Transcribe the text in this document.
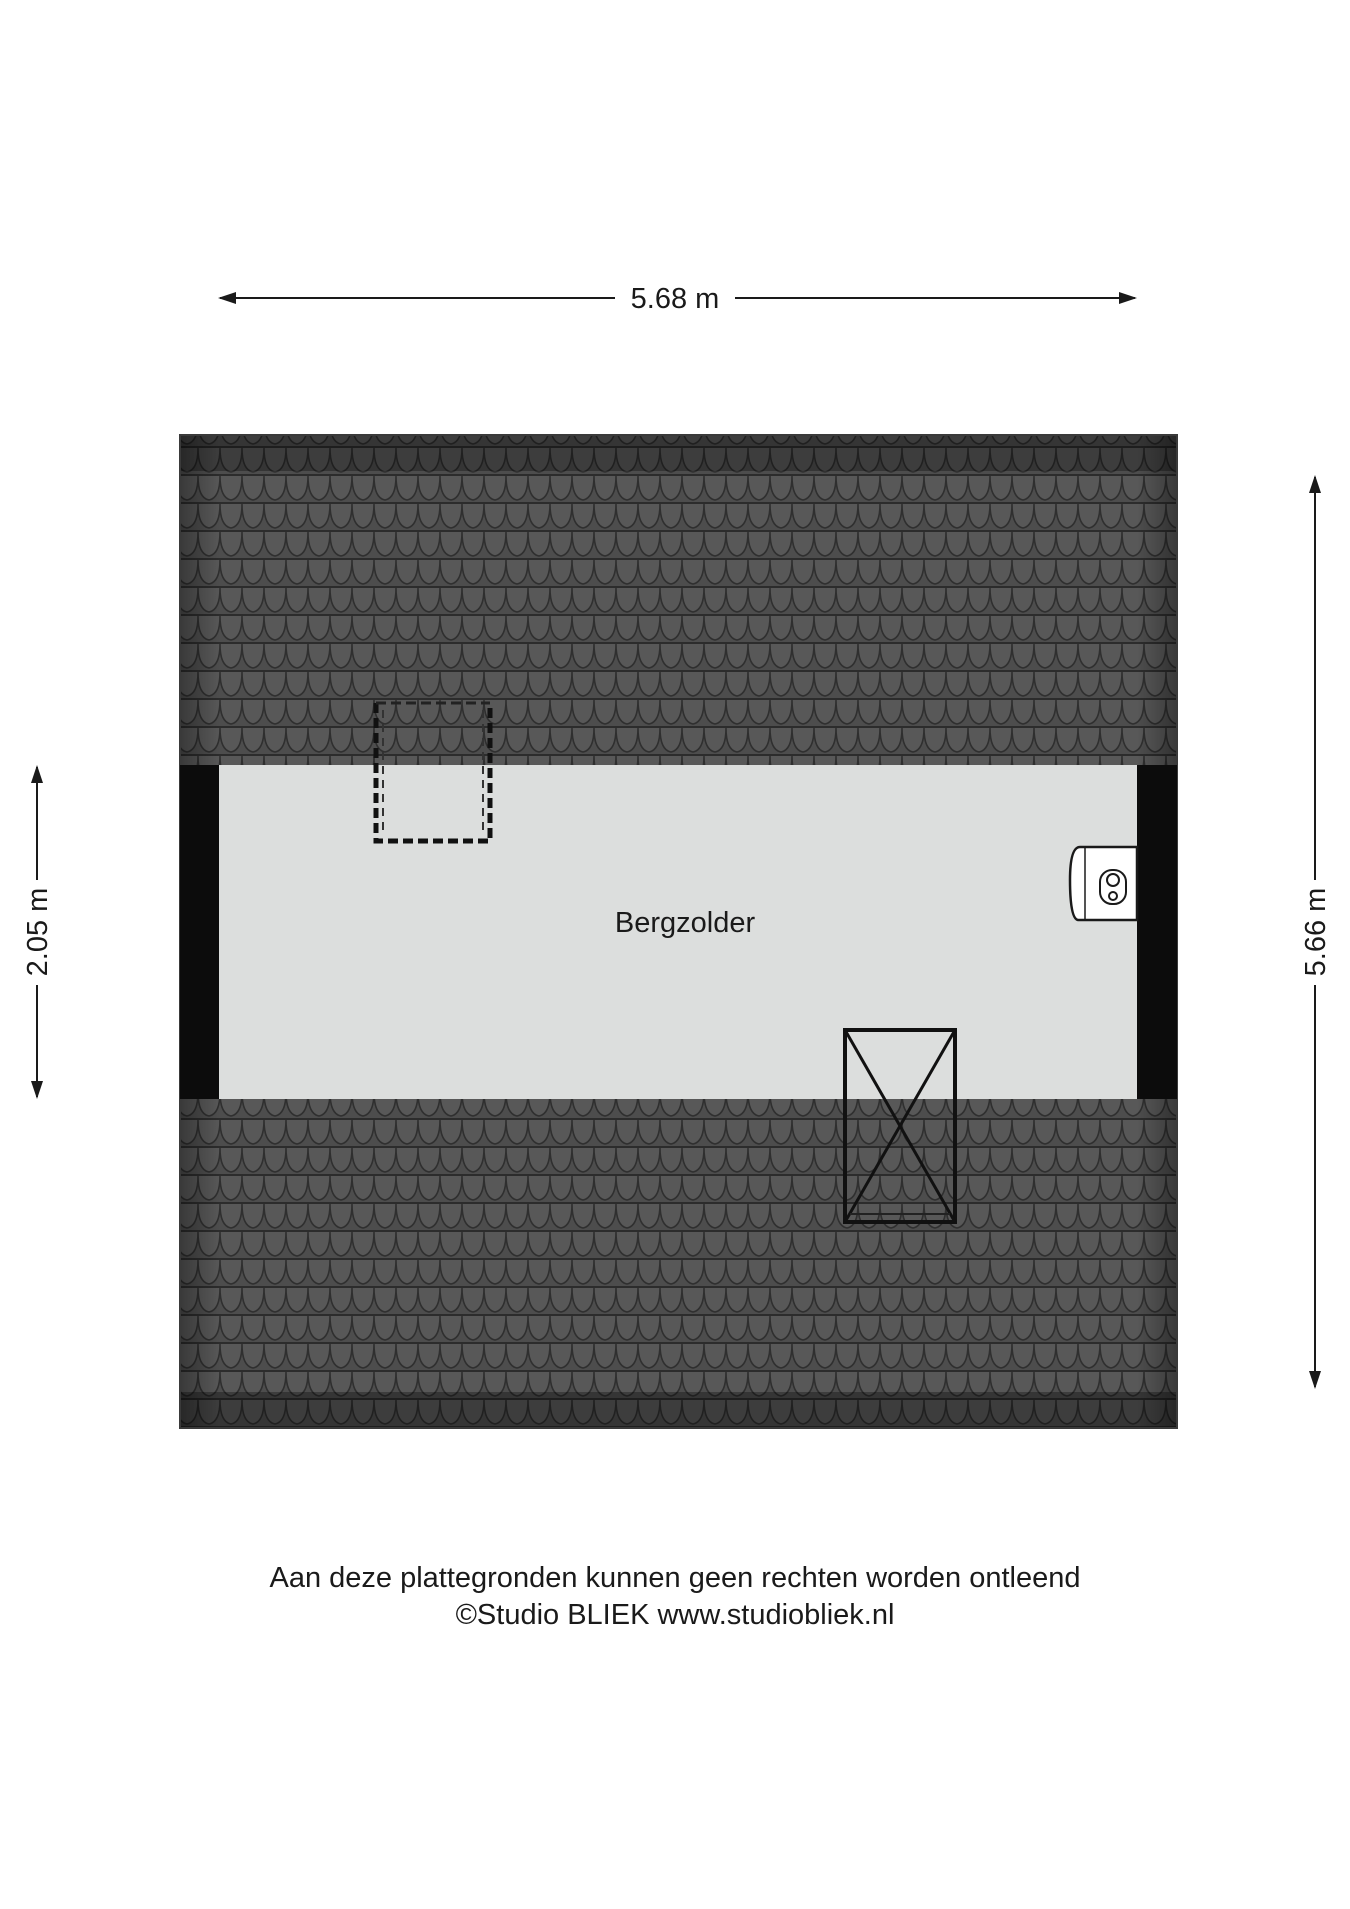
5.68 m
5.66 m
2.05 m	Bergzolder
Aan deze plattegronden kunnen geen rechten worden ontleend
©Studio BLIEK www.studiobliek.nl
